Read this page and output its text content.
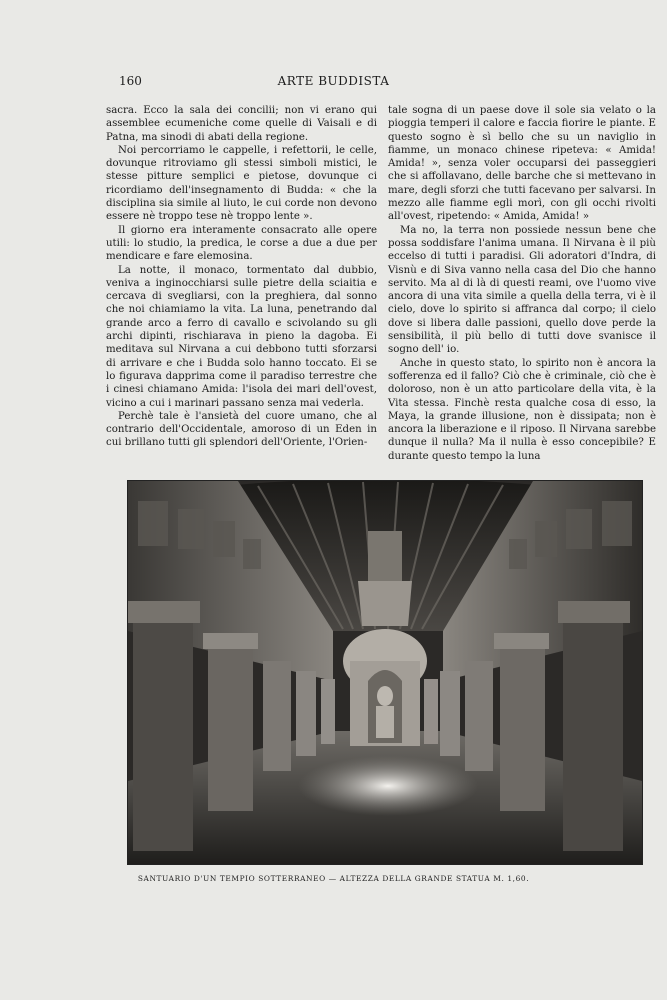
160	ARTE BUDDISTA

sacra. Ecco la sala dei concilii; non vi erano qui assemblee ecumeniche come quelle di Vaisali e di Patna, ma sinodi di abati della regione.

Noi percorriamo le cappelle, i refettorii, le celle, dovunque ritroviamo gli stessi simboli mistici, le stesse pitture semplici e pietose, dovunque ci ricordiamo dell'insegnamento di Budda: « che la disciplina sia simile al liuto, le cui corde non devono essere nè troppo tese nè troppo lente ».

Il giorno era interamente consacrato alle opere utili: lo studio, la predica, le corse a due a due per mendicare e fare elemosina.

La notte, il monaco, tormentato dal dubbio, veniva a inginocchiarsi sulle pietre della sciaitia e cercava di svegliarsi, con la preghiera, dal sonno che noi chiamiamo la vita. La luna, penetrando dal grande arco a ferro di cavallo e scivolando su gli archi dipinti, rischiarava in pieno la dagoba. Ei meditava sul Nirvana a cui debbono tutti sforzarsi di arrivare e che i Budda solo hanno toccato. Ei se lo figurava dapprima come il paradiso terrestre che i cinesi chiamano Amida: l'isola dei mari dell'ovest, vicino a cui i marinari passano senza mai vederla.

Perchè tale è l'ansietà del cuore umano, che al contrario dell'Occidentale, amoroso di un Eden in cui brillano tutti gli splendori dell'Oriente, l'Orien-

tale sogna di un paese dove il sole sia velato o la pioggia temperi il calore e faccia fiorire le piante. E questo sogno è sì bello che su un naviglio in fiamme, un monaco chinese ripeteva: « Amida! Amida! », senza voler occuparsi dei passeggieri che si affollavano, delle barche che si mettevano in mare, degli sforzi che tutti facevano per salvarsi. In mezzo alle fiamme egli morì, con gli occhi rivolti all'ovest, ripetendo: « Amida, Amida! »

Ma no, la terra non possiede nessun bene che possa soddisfare l'anima umana. Il Nirvana è il più eccelso di tutti i paradisi. Gli adoratori d'Indra, di Visnù e di Siva vanno nella casa del Dio che hanno servito. Ma al di là di questi reami, ove l'uomo vive ancora di una vita simile a quella della terra, vi è il cielo, dove lo spirito si affranca dal corpo; il cielo dove si libera dalle passioni, quello dove perde la sensibilità, il più bello di tutti dove svanisce il sogno dell' io.

Anche in questo stato, lo spirito non è ancora la sofferenza ed il fallo? Ciò che è criminale, ciò che è doloroso, non è un atto particolare della vita, è la Vita stessa. Finchè resta qualche cosa di esso, la Maya, la grande illusione, non è dissipata; non è ancora la liberazione e il riposo. Il Nirvana sarebbe dunque il nulla? Ma il nulla è esso concepibile? E durante questo tempo la luna

SANTUARIO D'UN TEMPIO SOTTERRANEO — ALTEZZA DELLA GRANDE STATUA M. 1,60.
